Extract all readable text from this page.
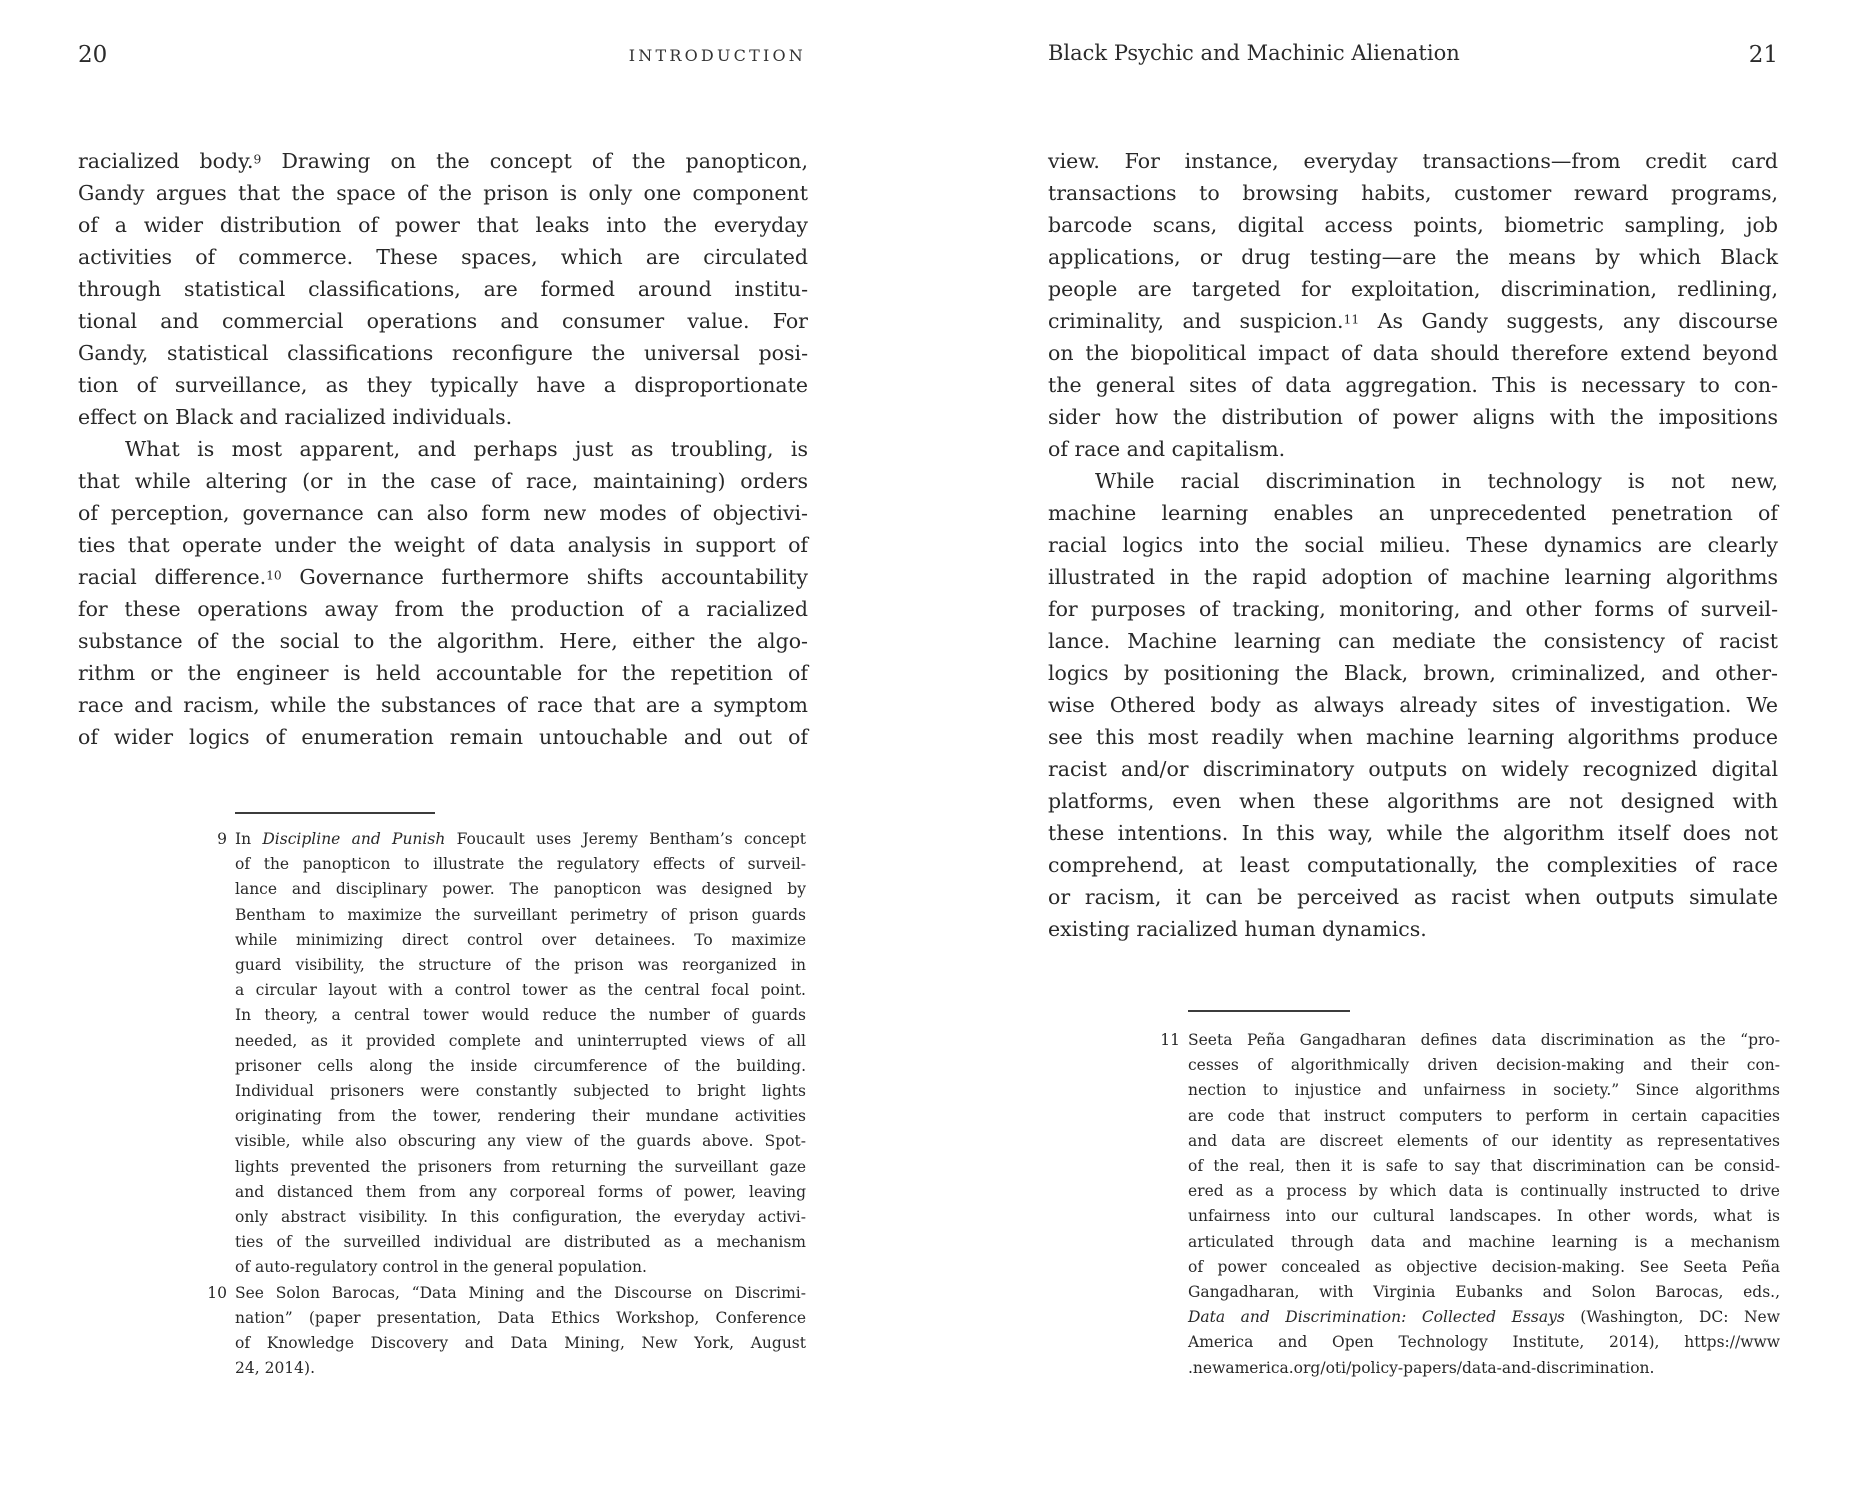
20	INTRODUCTION	Black Psychic and Machinic Alienation	21
racialized body.$^9$ Drawing on the concept of the panopticon,
Gandy argues that the space of the prison is only one component
of a wider distribution of power that leaks into the everyday
activities of commerce. These spaces, which are circulated
through statistical classifications, are formed around institu-
tional and commercial operations and consumer value. For
Gandy, statistical classifications reconfigure the universal posi-
tion of surveillance, as they typically have a disproportionate
effect on Black and racialized individuals.
What is most apparent, and perhaps just as troubling, is
that while altering (or in the case of race, maintaining) orders
of perception, governance can also form new modes of objectivi-
ties that operate under the weight of data analysis in support of
racial difference.$^{10}$ Governance furthermore shifts accountability
for these operations away from the production of a racialized
substance of the social to the algorithm. Here, either the algo-
rithm or the engineer is held accountable for the repetition of
race and racism, while the substances of race that are a symptom
of wider logics of enumeration remain untouchable and out of
9 In Discipline and Punish Foucault uses Jeremy Bentham’s concept
of the panopticon to illustrate the regulatory effects of surveil-
lance and disciplinary power. The panopticon was designed by
Bentham to maximize the surveillant perimetry of prison guards
while minimizing direct control over detainees. To maximize
guard visibility, the structure of the prison was reorganized in
a circular layout with a control tower as the central focal point.
In theory, a central tower would reduce the number of guards
needed, as it provided complete and uninterrupted views of all
prisoner cells along the inside circumference of the building.
Individual prisoners were constantly subjected to bright lights
originating from the tower, rendering their mundane activities
visible, while also obscuring any view of the guards above. Spot-
lights prevented the prisoners from returning the surveillant gaze
and distanced them from any corporeal forms of power, leaving
only abstract visibility. In this configuration, the everyday activi-
ties of the surveilled individual are distributed as a mechanism
of auto-regulatory control in the general population.
10 See Solon Barocas, “Data Mining and the Discourse on Discrimi-
nation” (paper presentation, Data Ethics Workshop, Conference
of Knowledge Discovery and Data Mining, New York, August
24, 2014).
view. For instance, everyday transactions—from credit card
transactions to browsing habits, customer reward programs,
barcode scans, digital access points, biometric sampling, job
applications, or drug testing—are the means by which Black
people are targeted for exploitation, discrimination, redlining,
criminality, and suspicion.$^{11}$ As Gandy suggests, any discourse
on the biopolitical impact of data should therefore extend beyond
the general sites of data aggregation. This is necessary to con-
sider how the distribution of power aligns with the impositions
of race and capitalism.
While racial discrimination in technology is not new,
machine learning enables an unprecedented penetration of
racial logics into the social milieu. These dynamics are clearly
illustrated in the rapid adoption of machine learning algorithms
for purposes of tracking, monitoring, and other forms of surveil-
lance. Machine learning can mediate the consistency of racist
logics by positioning the Black, brown, criminalized, and other-
wise Othered body as always already sites of investigation. We
see this most readily when machine learning algorithms produce
racist and/or discriminatory outputs on widely recognized digital
platforms, even when these algorithms are not designed with
these intentions. In this way, while the algorithm itself does not
comprehend, at least computationally, the complexities of race
or racism, it can be perceived as racist when outputs simulate
existing racialized human dynamics.
11 Seeta Peña Gangadharan defines data discrimination as the “pro-
cesses of algorithmically driven decision-making and their con-
nection to injustice and unfairness in society.” Since algorithms
are code that instruct computers to perform in certain capacities
and data are discreet elements of our identity as representatives
of the real, then it is safe to say that discrimination can be consid-
ered as a process by which data is continually instructed to drive
unfairness into our cultural landscapes. In other words, what is
articulated through data and machine learning is a mechanism
of power concealed as objective decision-making. See Seeta Peña
Gangadharan, with Virginia Eubanks and Solon Barocas, eds.,
Data and Discrimination: Collected Essays (Washington, DC: New
America and Open Technology Institute, 2014), https://www
.newamerica.org/oti/policy-papers/data-and-discrimination.
